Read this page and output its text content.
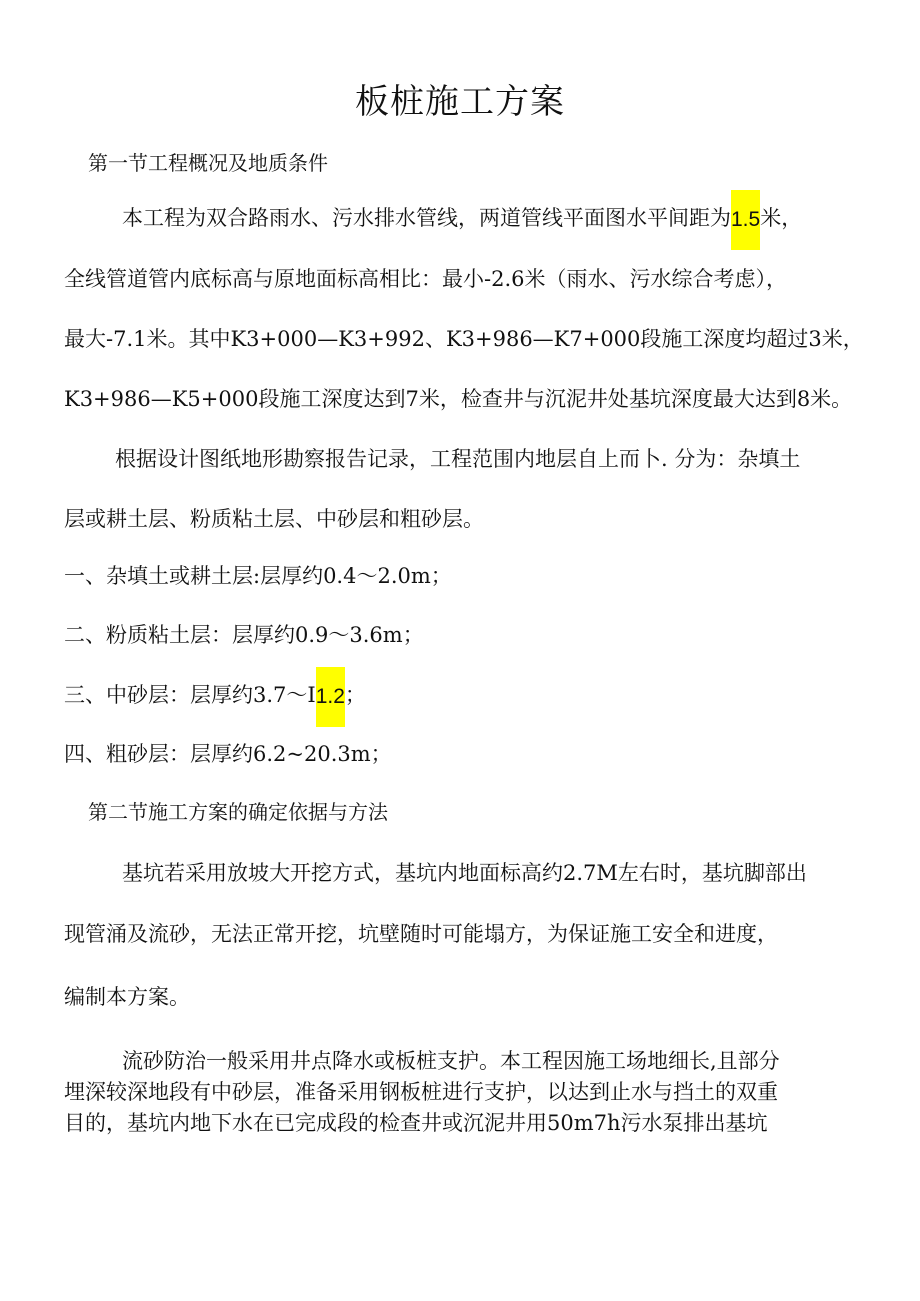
板桩施工方案
第一节工程概况及地质条件
本工程为双合路雨水、污水排水管线，两道管线平面图水平间距为1.5米，
全线管道管内底标高与原地面标高相比：最小-2.6米（雨水、污水综合考虑），
最大-7.1米。其中K3+000—K3+992、K3+986—K7+000段施工深度均超过3米，
K3+986—K5+000段施工深度达到7米，检查井与沉泥井处基坑深度最大达到8米。
根据设计图纸地形勘察报告记录，工程范围内地层自上而卜. 分为：杂填土
层或耕土层、粉质粘土层、中砂层和粗砂层。
一、杂填土或耕土层:层厚约0.4～2.0m；
二、粉质粘土层：层厚约0.9～3.6m；
三、中砂层：层厚约3.7～I1.2；
四、粗砂层：层厚约6.2~20.3m；
第二节施工方案的确定依据与方法
基坑若采用放坡大开挖方式，基坑内地面标高约2.7M左右时，基坑脚部出
现管涌及流砂，无法正常开挖，坑壁随时可能塌方，为保证施工安全和进度，
编制本方案。
流砂防治一般采用井点降水或板桩支护。本工程因施工场地细长,且部分
埋深较深地段有中砂层，准备采用钢板桩进行支护，以达到止水与挡土的双重
目的，基坑内地下水在已完成段的检查井或沉泥井用50m7h污水泵排出基坑
